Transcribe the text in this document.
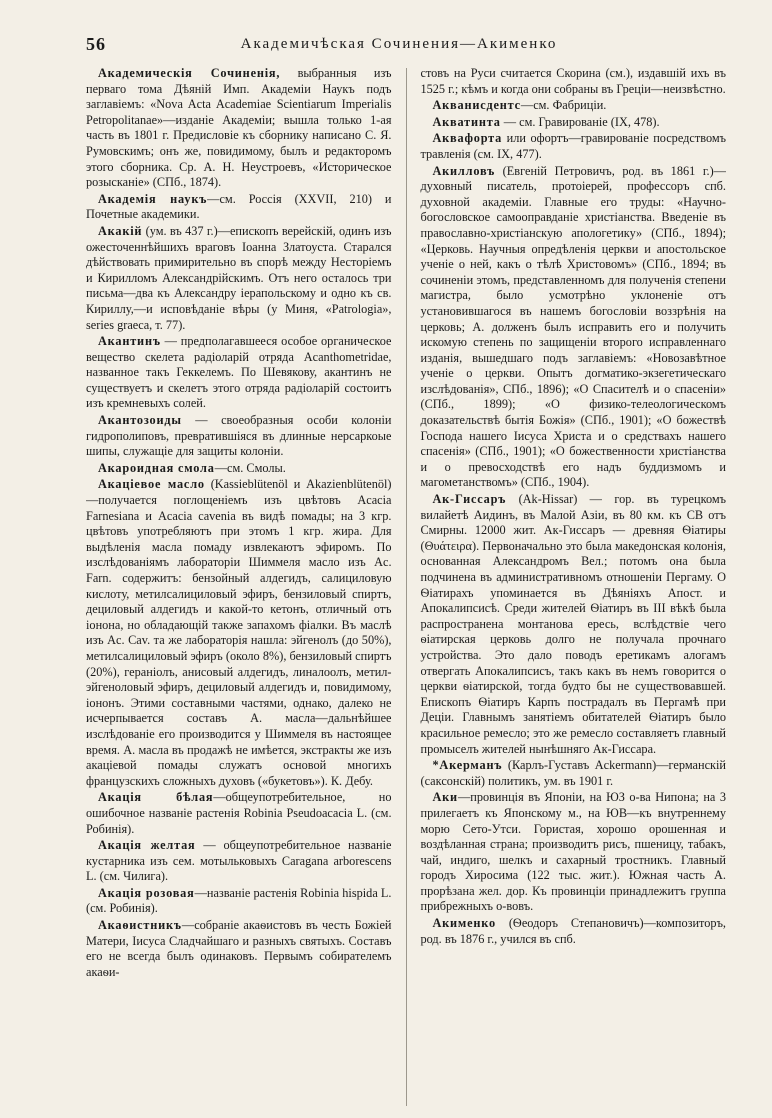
56	Академичѣская Сочинения—Акименко

Академическія Сочиненія, выбранныя изъ перваго тома Дѣяній Имп. Академіи Наукъ подъ заглавіемъ: «Nova Acta Academiae Scientiarum Imperialis Petropolitanae»—изданіе Академіи; вышла только 1-ая часть въ 1801 г. Предисловіе къ сборнику написано С. Я. Румовскимъ; онъ же, повидимому, былъ и редакторомъ этого сборника. Ср. А. Н. Неустроевъ, «Историческое розысканіе» (СПб., 1874).

Академія наукъ—см. Россія (XXVII, 210) и Почетные академики.

Акакій (ум. въ 437 г.)—епископъ верейскій, одинъ изъ ожесточеннѣйшихъ враговъ Іоанна Златоуста. Старался дѣйствовать примирительно въ спорѣ между Несторіемъ и Кирилломъ Александрійскимъ. Отъ него осталось три письма—два къ Александру іерапольскому и одно къ св. Кириллу,—и исповѣданіе вѣры (у Миня, «Patrologia», series graeca, т. 77).

Акантинъ — предполагавшееся особое органическое вещество скелета радіоларій отряда Acanthometridae, названное такъ Геккелемъ. По Шевякову, акантинъ не существуетъ и скелетъ этого отряда радіоларій состоитъ изъ кремневыхъ солей.

Акантозоиды — своеобразныя особи колоніи гидрополиповъ, превратившіяся въ длинные нерсаркоые шипы, служащіе для защиты колоніи.

Акароидная смола—см. Смолы.

Акаціевое масло (Kassieblütenöl и Akazienblütenöl)—получается поглощеніемъ изъ цвѣтовъ Acacia Farnesiana и Acacia cavenia въ видѣ помады; на 3 кгр. цвѣтовъ употребляютъ при этомъ 1 кгр. жира. Для выдѣленія масла помаду извлекаютъ эфиромъ. По изслѣдованіямъ лабораторіи Шиммеля масло изъ Ac. Farn. содержитъ: бензойный алдегидъ, салициловую кислоту, метилсалициловый эфиръ, бензиловый спиртъ, дециловый алдегидъ и какой-то кетонъ, отличный отъ іонона, но обладающій также запахомъ фіалки. Въ маслѣ изъ Ac. Cav. та же лабораторія нашла: эйгенолъ (до 50%), метилсалициловый эфиръ (около 8%), бензиловый спиртъ (20%), гераніолъ, анисовый алдегидъ, линалоолъ, метил-эйгеноловый эфиръ, дециловый алдегидъ и, повидимому, іононъ. Этими составными частями, однако, далеко не исчерпывается составъ А. масла—дальнѣйшее изслѣдованіе его производится у Шиммеля въ настоящее время. А. масла въ продажѣ не имѣется, экстракты же изъ акаціевой помады служатъ основой многихъ французскихъ сложныхъ духовъ («букетовъ»). К. Дебу.

Акація бѣлая—общеупотребительное, но ошибочное названіе растенія Robinia Pseudoacacia L. (см. Робинія).

Акація желтая — общеупотребительное названіе кустарника изъ сем. мотыльковыхъ Caragana arborescens L. (см. Чилига).

Акація розовая—названіе растенія Robinia hispida L. (см. Робинія).

Акаѳистникъ—собраніе акаѳистовъ въ честь Божіей Матери, Іисуса Сладчайшаго и разныхъ святыхъ. Составъ его не всегда былъ одинаковъ. Первымъ собирателемъ акаѳи-

стовъ на Руси считается Скорина (см.), издавшій ихъ въ 1525 г.; кѣмъ и когда они собраны въ Греціи—неизвѣстно.

Акванисдентс—см. Фабриціи.

Акватинта — см. Гравированіе (IX, 478).

Аквафорта или офортъ—гравированіе посредствомъ травленія (см. IX, 477).

Акилловъ (Евгеній Петровичъ, род. въ 1861 г.)—духовный писатель, протоіерей, профессоръ спб. духовной академіи. Главные его труды: «Научно-богословское самооправданіе христіанства. Введеніе въ православно-христіанскую апологетику» (СПб., 1894); «Церковь. Научныя опредѣленія церкви и апостольское ученіе о ней, какъ о тѣлѣ Христовомъ» (СПб., 1894; въ сочиненіи этомъ, представленномъ для полученія степени магистра, было усмотрѣно уклоненіе отъ установившагося въ нашемъ богословіи воззрѣнія на церковь; А. долженъ былъ исправить его и получить искомую степень по защищеніи второго исправленнаго изданія, вышедшаго подъ заглавіемъ: «Новозавѣтное ученіе о церкви. Опытъ догматико-экзегетическаго изслѣдованія», СПб., 1896); «О Спасителѣ и о спасеніи» (СПб., 1899); «О физико-телеологическомъ доказательствѣ бытія Божія» (СПб., 1901); «О божествѣ Господа нашего Іисуса Христа и о средствахъ нашего спасенія» (СПб., 1901); «О божественности христіанства и о превосходствѣ его надъ буддизмомъ и магометанствомъ» (СПб., 1904).

Ак-Гиссаръ (Ak-Hissar) — гор. въ турецкомъ вилайетѣ Аидинъ, въ Малой Азіи, въ 80 км. къ СВ отъ Смирны. 12000 жит. Ак-Гиссаръ — древняя Ѳіатиры (Θυάτειρα). Первоначально это была македонская колонія, основанная Александромъ Вел.; потомъ она была подчинена въ административномъ отношеніи Пергаму. О Ѳіатирахъ упоминается въ Дѣяніяхъ Апост. и Апокалипсисѣ. Среди жителей Ѳіатиръ въ III вѣкѣ была распространена монтанова ересь, вслѣдствіе чего ѳіатирская церковь долго не получала прочнаго устройства. Это дало поводъ еретикамъ алогамъ отвергать Апокалипсисъ, такъ какъ въ немъ говорится о церкви ѳіатирской, тогда будто бы не существовавшей. Епископъ Ѳіатиръ Карпъ пострадалъ въ Пергамѣ при Деціи. Главнымъ занятіемъ обитателей Ѳіатиръ было красильное ремесло; это же ремесло составляетъ главный промыселъ жителей нынѣшняго Ак-Гиссара.

*Акерманъ (Карлъ-Густавъ Ackermann)—германскій (саксонскій) политикъ, ум. въ 1901 г.

Аки—провинція въ Японіи, на ЮЗ о-ва Нипона; на 3 прилегаетъ къ Японскому м., на ЮВ—къ внутреннему морю Сето-Утси. Гористая, хорошо орошенная и воздѣланная страна; производитъ рисъ, пшеницу, табакъ, чай, индиго, шелкъ и сахарный тростникъ. Главный городъ Хиросима (122 тыс. жит.). Южная часть А. прорѣзана жел. дор. Къ провинціи принадлежитъ группа прибрежныхъ о-вовъ.

Акименко (Ѳеодоръ Степановичъ)—композиторъ, род. въ 1876 г., учился въ спб.
